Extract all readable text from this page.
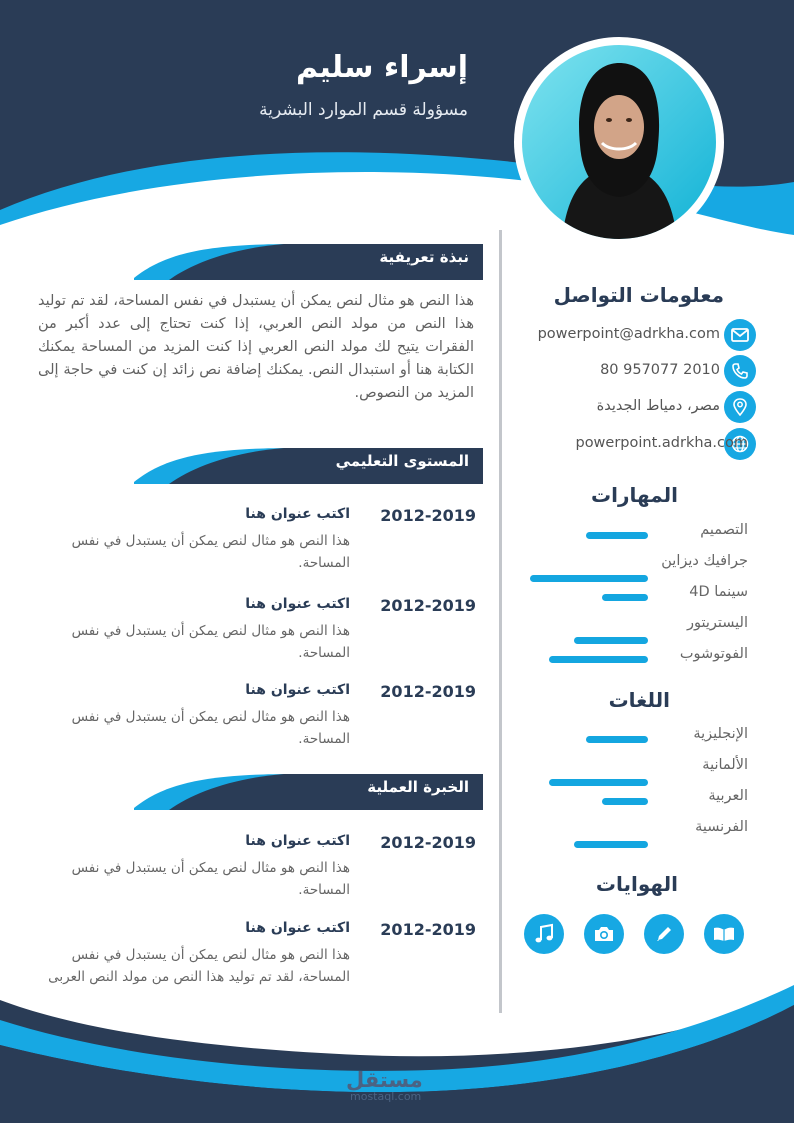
إسراء سليم
مسؤولة قسم الموارد البشرية
نبذة تعريفية
هذا النص هو مثال لنص يمكن أن يستبدل في نفس المساحة، لقد تم توليد هذا النص من مولد النص العربي، إذا كنت تحتاج إلى عدد أكبر من الفقرات يتيح لك مولد النص العربي إذا كنت المزيد من المساحة يمكنك الكتابة هنا أو استبدال النص. يمكنك إضافة نص زائد إن كنت في حاجة إلى المزيد من النصوص.
المستوى التعليمي
2012-2019
اكتب عنوان هنا
هذا النص هو مثال لنص يمكن أن يستبدل في نفس المساحة.
2012-2019
اكتب عنوان هنا
هذا النص هو مثال لنص يمكن أن يستبدل في نفس المساحة.
2012-2019
اكتب عنوان هنا
هذا النص هو مثال لنص يمكن أن يستبدل في نفس المساحة.
الخبرة العملية
2012-2019
اكتب عنوان هنا
هذا النص هو مثال لنص يمكن أن يستبدل في نفس المساحة.
2012-2019
اكتب عنوان هنا
هذا النص هو مثال لنص يمكن أن يستبدل في نفس المساحة، لقد تم توليد هذا النص من مولد النص العربى
معلومات التواصل
powerpoint@adrkha.com
2010 957077 80
مصر، دمياط الجديدة
powerpoint.adrkha.com
المهارات
التصميم
جرافيك ديزاين
سينما 4D
اليستريتور
الفوتوشوب
اللغات
الإنجليزية
الألمانية
العربية
الفرنسية
الهوايات
مستقل
mostaql.com
